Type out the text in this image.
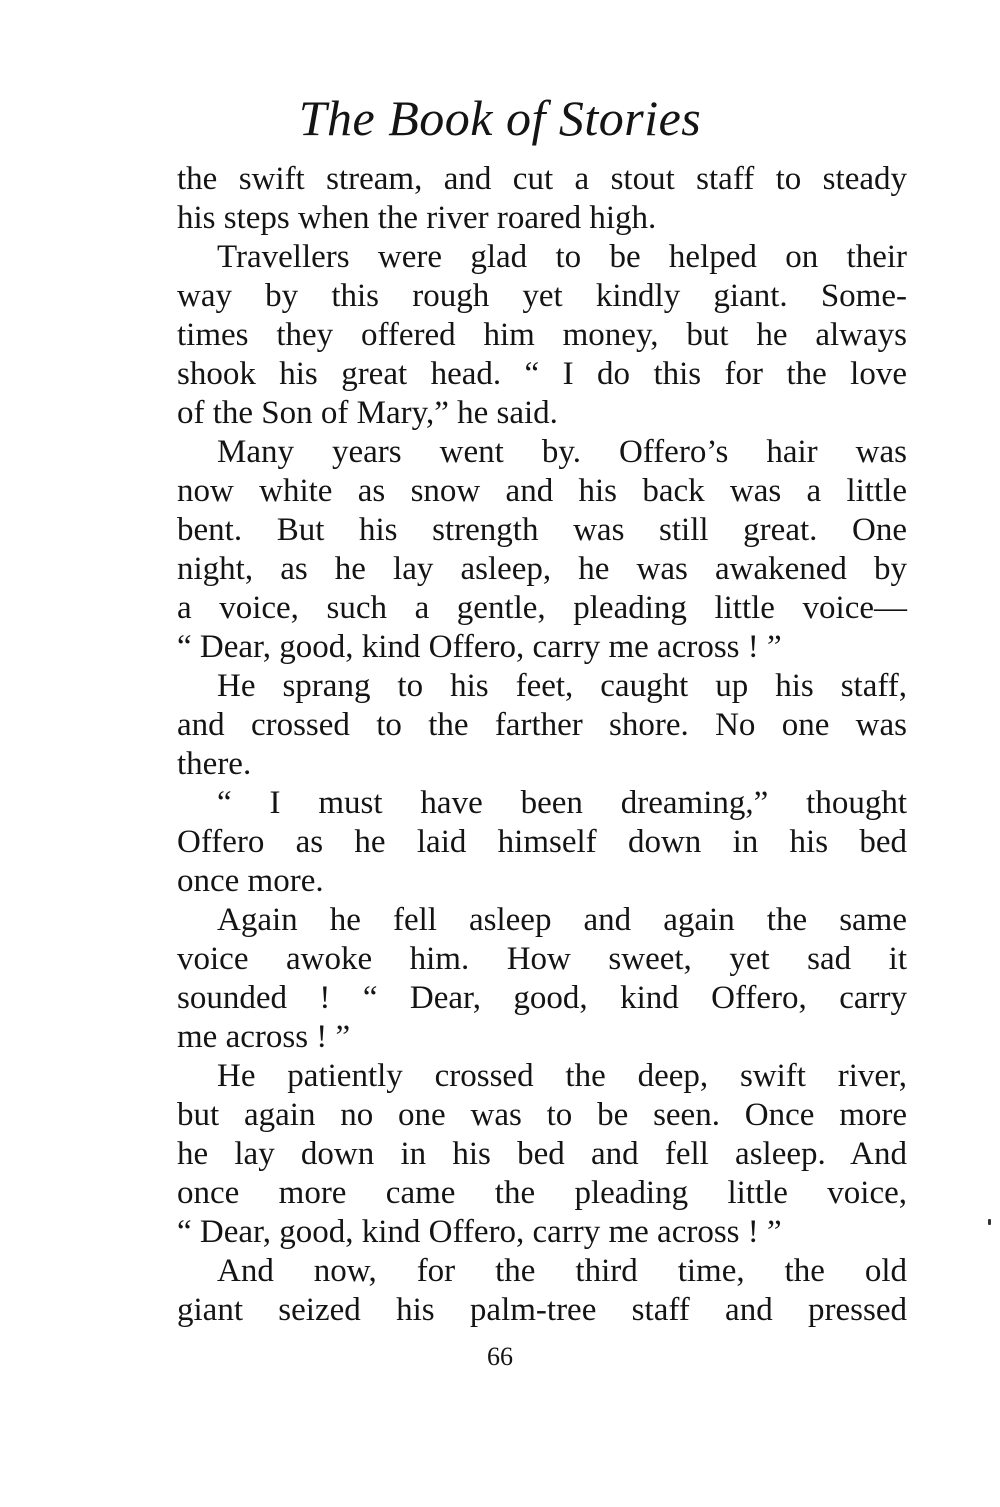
The Book of Stories
the swift stream, and cut a stout staff to steady
his steps when the river roared high.
Travellers were glad to be helped on their
way by this rough yet kindly giant. Some-
times they offered him money, but he always
shook his great head. “ I do this for the love
of the Son of Mary,” he said.
Many years went by. Offero’s hair was
now white as snow and his back was a little
bent. But his strength was still great. One
night, as he lay asleep, he was awakened by
a voice, such a gentle, pleading little voice—
“ Dear, good, kind Offero, carry me across ! ”
He sprang to his feet, caught up his staff,
and crossed to the farther shore. No one was
there.
“ I must have been dreaming,” thought
Offero as he laid himself down in his bed
once more.
Again he fell asleep and again the same
voice awoke him. How sweet, yet sad it
sounded ! “ Dear, good, kind Offero, carry
me across ! ”
He patiently crossed the deep, swift river,
but again no one was to be seen. Once more
he lay down in his bed and fell asleep. And
once more came the pleading little voice,
“ Dear, good, kind Offero, carry me across ! ”
And now, for the third time, the old
giant seized his palm-tree staff and pressed
66
